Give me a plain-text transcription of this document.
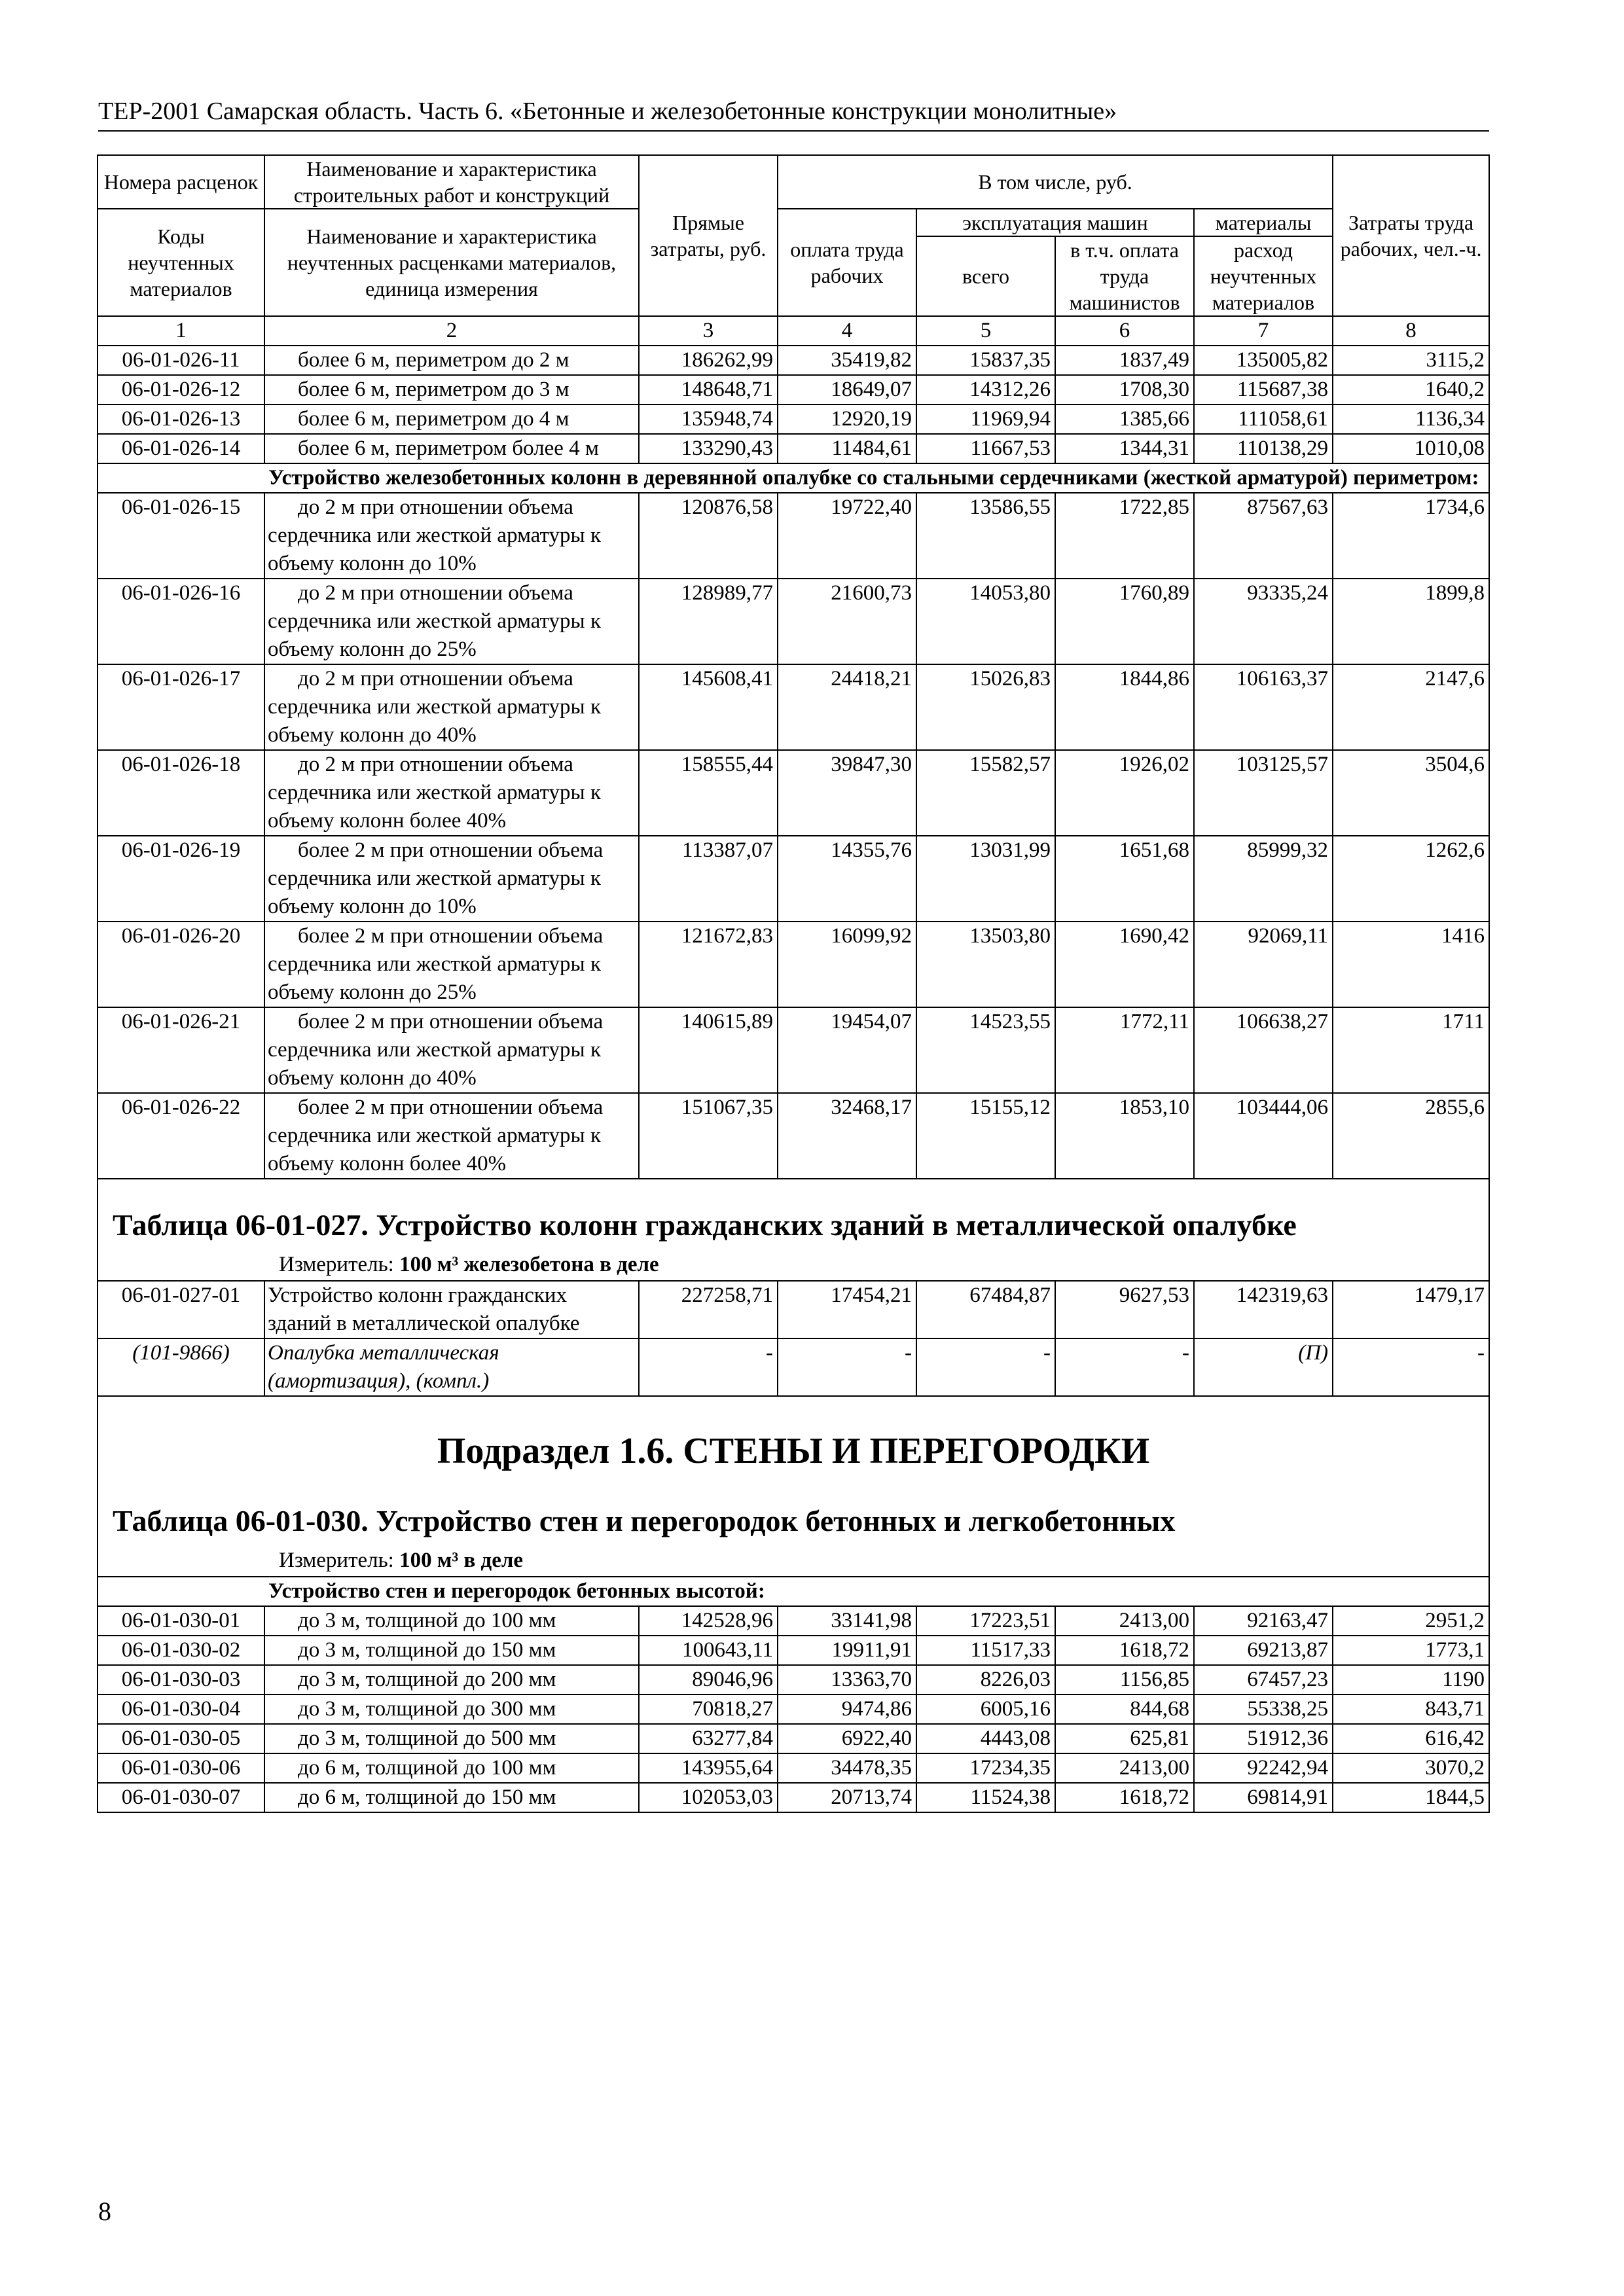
ТЕР-2001 Самарская область. Часть 6. «Бетонные и железобетонные конструкции монолитные»
Номера расценок	Наименование и характеристика строительных работ и конструкций	Прямые затраты, руб.	В том числе, руб.				Затраты труда рабочих, чел.-ч.
Коды неучтенных материалов	Наименование и характеристика неучтенных расценками материалов, единица измерения		оплата труда рабочих	эксплуатация машин		материалы	
				всего	в т.ч. оплата труда машинистов	расход неучтенных материалов	
1	2	3	4	5	6	7	8
06-01-026-11	более 6 м, периметром до 2 м	186262,99	35419,82	15837,35	1837,49	135005,82	3115,2
06-01-026-12	более 6 м, периметром до 3 м	148648,71	18649,07	14312,26	1708,30	115687,38	1640,2
06-01-026-13	более 6 м, периметром до 4 м	135948,74	12920,19	11969,94	1385,66	111058,61	1136,34
06-01-026-14	более 6 м, периметром более 4 м	133290,43	11484,61	11667,53	1344,31	110138,29	1010,08
Устройство железобетонных колонн в деревянной опалубке со стальными сердечниками (жесткой арматурой) периметром:							
06-01-026-15	до 2 м при отношении объема сердечника или жесткой арматуры к объему колонн до 10%	120876,58	19722,40	13586,55	1722,85	87567,63	1734,6
06-01-026-16	до 2 м при отношении объема сердечника или жесткой арматуры к объему колонн до 25%	128989,77	21600,73	14053,80	1760,89	93335,24	1899,8
06-01-026-17	до 2 м при отношении объема сердечника или жесткой арматуры к объему колонн до 40%	145608,41	24418,21	15026,83	1844,86	106163,37	2147,6
06-01-026-18	до 2 м при отношении объема сердечника или жесткой арматуры к объему колонн более 40%	158555,44	39847,30	15582,57	1926,02	103125,57	3504,6
06-01-026-19	более 2 м при отношении объема сердечника или жесткой арматуры к объему колонн до 10%	113387,07	14355,76	13031,99	1651,68	85999,32	1262,6
06-01-026-20	более 2 м при отношении объема сердечника или жесткой арматуры к объему колонн до 25%	121672,83	16099,92	13503,80	1690,42	92069,11	1416
06-01-026-21	более 2 м при отношении объема сердечника или жесткой арматуры к объему колонн до 40%	140615,89	19454,07	14523,55	1772,11	106638,27	1711
06-01-026-22	более 2 м при отношении объема сердечника или жесткой арматуры к объему колонн более 40%	151067,35	32468,17	15155,12	1853,10	103444,06	2855,6

Таблица 06-01-027. Устройство колонн гражданских зданий в металлической опалубке
Измеритель: 100 м³ железобетона в деле							

06-01-027-01	Устройство колонн гражданских зданий в металлической опалубке	227258,71	17454,21	67484,87	9627,53	142319,63	1479,17
(101-9866)	Опалубка металлическая (амортизация), (компл.)	-	-	-	-	(П)	-

Подраздел 1.6. СТЕНЫ И ПЕРЕГОРОДКИ
Таблица 06-01-030. Устройство стен и перегородок бетонных и легкобетонных
Измеритель: 100 м³ в деле							

Устройство стен и перегородок бетонных высотой:							
06-01-030-01	до 3 м, толщиной до 100 мм	142528,96	33141,98	17223,51	2413,00	92163,47	2951,2
06-01-030-02	до 3 м, толщиной до 150 мм	100643,11	19911,91	11517,33	1618,72	69213,87	1773,1
06-01-030-03	до 3 м, толщиной до 200 мм	89046,96	13363,70	8226,03	1156,85	67457,23	1190
06-01-030-04	до 3 м, толщиной до 300 мм	70818,27	9474,86	6005,16	844,68	55338,25	843,71
06-01-030-05	до 3 м, толщиной до 500 мм	63277,84	6922,40	4443,08	625,81	51912,36	616,42
06-01-030-06	до 6 м, толщиной до 100 мм	143955,64	34478,35	17234,35	2413,00	92242,94	3070,2
06-01-030-07	до 6 м, толщиной до 150 мм	102053,03	20713,74	11524,38	1618,72	69814,91	1844,5
8
